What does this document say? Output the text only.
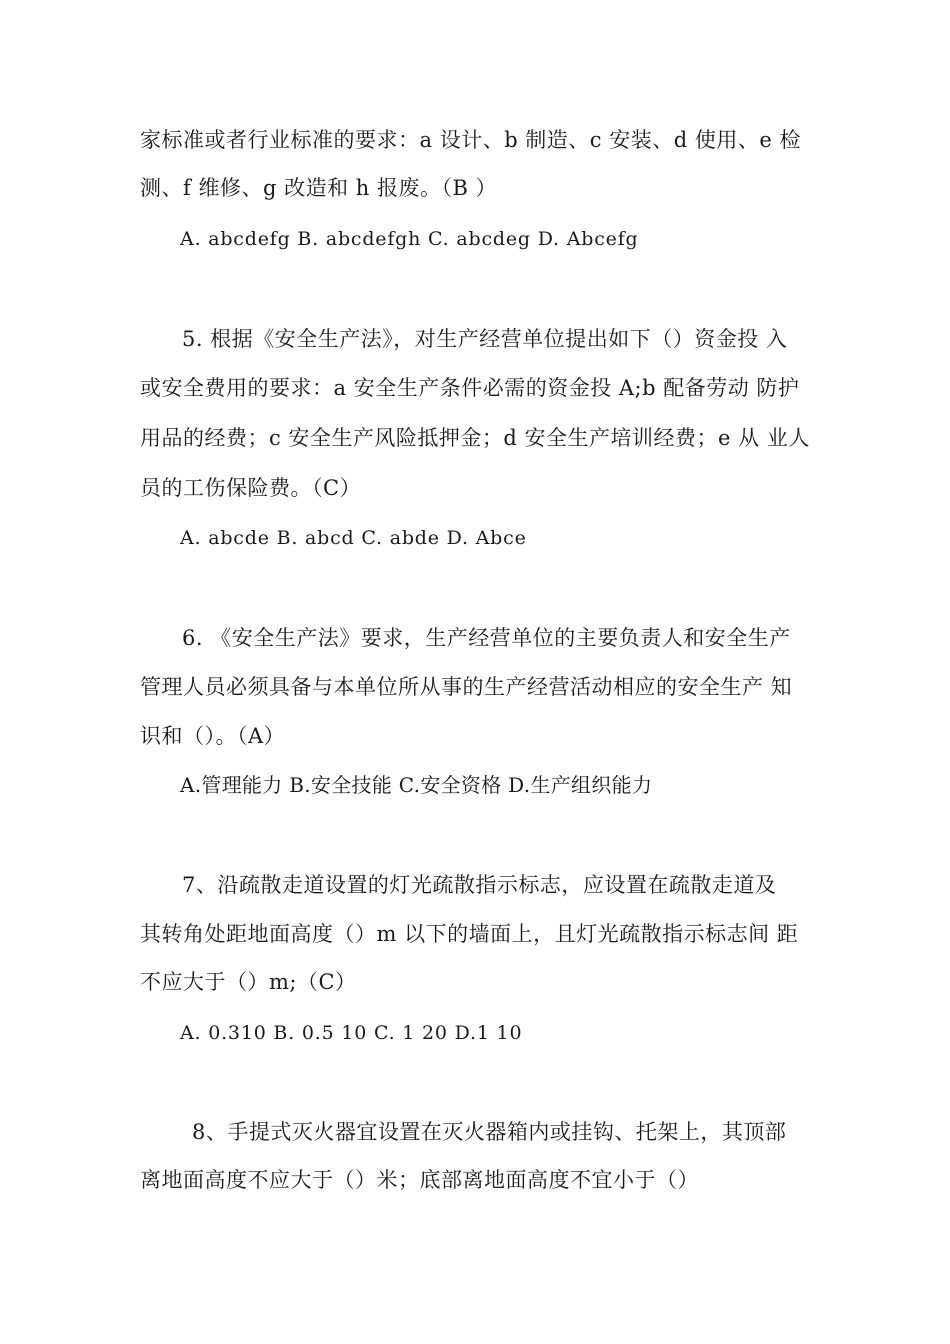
家标准或者行业标准的要求：a 设计、b 制造、c 安装、d 使用、e 检
测、f 维修、g 改造和 h 报废。（B ）
A. abcdefg B. abcdefgh C. abcdeg D. Abcefg
5. 根据《安全生产法》，对生产经营单位提出如下（）资金投 入
或安全费用的要求：a 安全生产条件必需的资金投 A;b 配备劳动 防护
用品的经费；c 安全生产风险抵押金；d 安全生产培训经费；e 从 业人
员的工伤保险费。（C）
A. abcde B. abcd C. abde D. Abce
6. 《安全生产法》要求，生产经营单位的主要负责人和安全生产
管理人员必须具备与本单位所从事的生产经营活动相应的安全生产 知
识和（）。（A）
A.管理能力 B.安全技能 C.安全资格 D.生产组织能力
7、沿疏散走道设置的灯光疏散指示标志，应设置在疏散走道及
其转角处距地面高度（）m 以下的墙面上，且灯光疏散指示标志间 距
不应大于（）m;（C）
A. 0.310 B. 0.5 10 C. 1 20 D.1 10
8、手提式灭火器宜设置在灭火器箱内或挂钩、托架上，其顶部
离地面高度不应大于（）米；底部离地面高度不宜小于（）
